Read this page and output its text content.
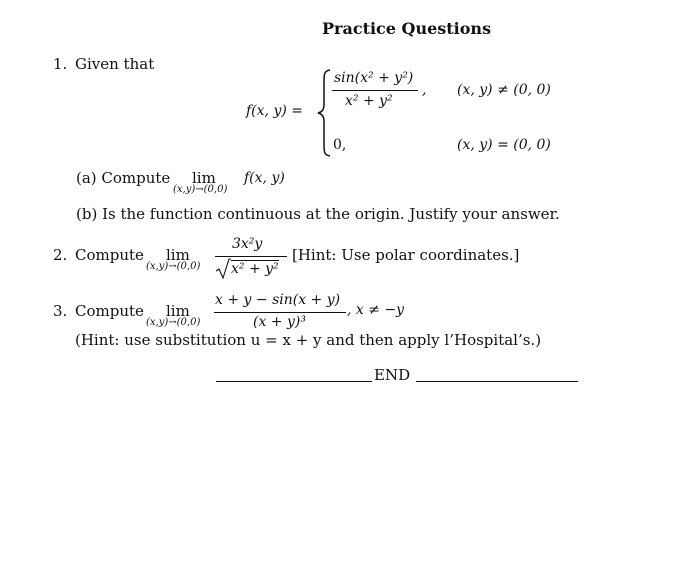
Practice Questions
1. Given that
f(x, y) =
sin(x² + y²)
x² + y²
, (x, y) ≠ (0, 0)
0,	(x, y) = (0, 0)
(a) Compute lim
(x,y)→(0,0)
f(x, y)
(b) Is the function continuous at the origin. Justify your answer.
2. Compute lim
(x,y)→(0,0)
3x²y
x² + y²
[Hint: Use polar coordinates.]
3. Compute lim
(x,y)→(0,0)
x + y − sin(x + y)
(x + y)³
, x ≠ −y
(Hint: use substitution u = x + y and then apply l’Hospital’s.)
END
